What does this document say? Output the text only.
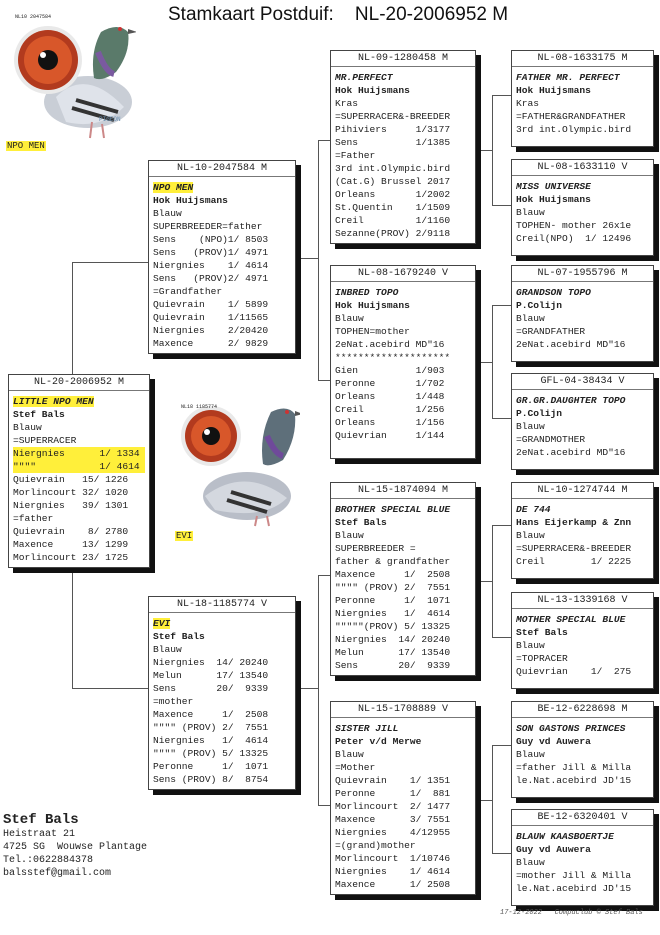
Stamkaart Postduif:    NL-20-2006952 M
NL10 2047584
PIGEON
NPO MEN
NL18 1185774
EVI
NL-20-2006952 M
LITTLE NPO MEN
Stef Bals
Blauw
=SUPERRACER
Niergnies      1/ 1334
""""           1/ 4614
Quievrain   15/ 1226
Morlincourt 32/ 1020
Niergnies   39/ 1301
=father
Quievrain    8/ 2780
Maxence     13/ 1299
Morlincourt 23/ 1725
NL-10-2047584 M
NPO MEN
Hok Huijsmans
Blauw
SUPERBREEDER=father
Sens    (NPO)1/ 8503
Sens   (PROV)1/ 4971
Niergnies    1/ 4614
Sens   (PROV)2/ 4971
=Grandfather
Quievrain    1/ 5899
Quievrain    1/11565
Niergnies    2/20420
Maxence      2/ 9829
NL-18-1185774 V
EVI
Stef Bals
Blauw
Niergnies  14/ 20240
Melun      17/ 13540
Sens       20/  9339
=mother
Maxence     1/  2508
"""" (PROV) 2/  7551
Niergnies   1/  4614
"""" (PROV) 5/ 13325
Peronne     1/  1071
Sens (PROV) 8/  8754
NL-09-1280458 M
MR.PERFECT
Hok Huijsmans
Kras
=SUPERRACER&-BREEDER
Pihiviers     1/3177
Sens          1/1385
=Father
3rd int.Olympic.bird
(Cat.G) Brussel 2017
Orleans       1/2002
St.Quentin    1/1509
Creil         1/1160
Sezanne(PROV) 2/9118
NL-08-1679240 V
INBRED TOPO
Hok Huijsmans
Blauw
TOPHEN=mother
2eNat.acebird MD"16
********************
Gien          1/903
Peronne       1/702
Orleans       1/448
Creil         1/256
Orleans       1/156
Quievrian     1/144
NL-15-1874094 M
BROTHER SPECIAL BLUE
Stef Bals
Blauw
SUPERBREEDER =
father & grandfather
Maxence     1/  2508
"""" (PROV) 2/  7551
Peronne     1/  1071
Niergnies   1/  4614
"""""(PROV) 5/ 13325
Niergnies  14/ 20240
Melun      17/ 13540
Sens       20/  9339
NL-15-1708889 V
SISTER JILL
Peter v/d Merwe
Blauw
=Mother
Quievrain    1/ 1351
Peronne      1/  881
Morlincourt  2/ 1477
Maxence      3/ 7551
Niergnies    4/12955
=(grand)mother
Morlincourt  1/10746
Niergnies    1/ 4614
Maxence      1/ 2508
NL-08-1633175 M
FATHER MR. PERFECT
Hok Huijsmans
Kras
=FATHER&GRANDFATHER
3rd int.Olympic.bird
NL-08-1633110 V
MISS UNIVERSE
Hok Huijsmans
Blauw
TOPHEN- mother 26x1e
Creil(NPO)  1/ 12496
NL-07-1955796 M
GRANDSON TOPO
P.Colijn
Blauw
=GRANDFATHER
2eNat.acebird MD"16
GFL-04-38434 V
GR.GR.DAUGHTER TOPO
P.Colijn
Blauw
=GRANDMOTHER
2eNat.acebird MD"16
NL-10-1274744 M
DE 744
Hans Eijerkamp & Znn
Blauw
=SUPERRACER&-BREEDER
Creil        1/ 2225
NL-13-1339168 V
MOTHER SPECIAL BLUE
Stef Bals
Blauw
=TOPRACER
Quievrian    1/  275
BE-12-6228698 M
SON GASTONS PRINCES
Guy vd Auwera
Blauw
=father Jill & Milla
le.Nat.acebird JD'15
BE-12-6320401 V
BLAUW KAASBOERTJE
Guy vd Auwera
Blauw
=mother Jill & Milla
le.Nat.acebird JD'15
Stef Bals
Heistraat 21
4725 SG  Wouwse Plantage
Tel.:0622884378
balsstef@gmail.com
17-12-2022   Compuclub © Stef Bals
